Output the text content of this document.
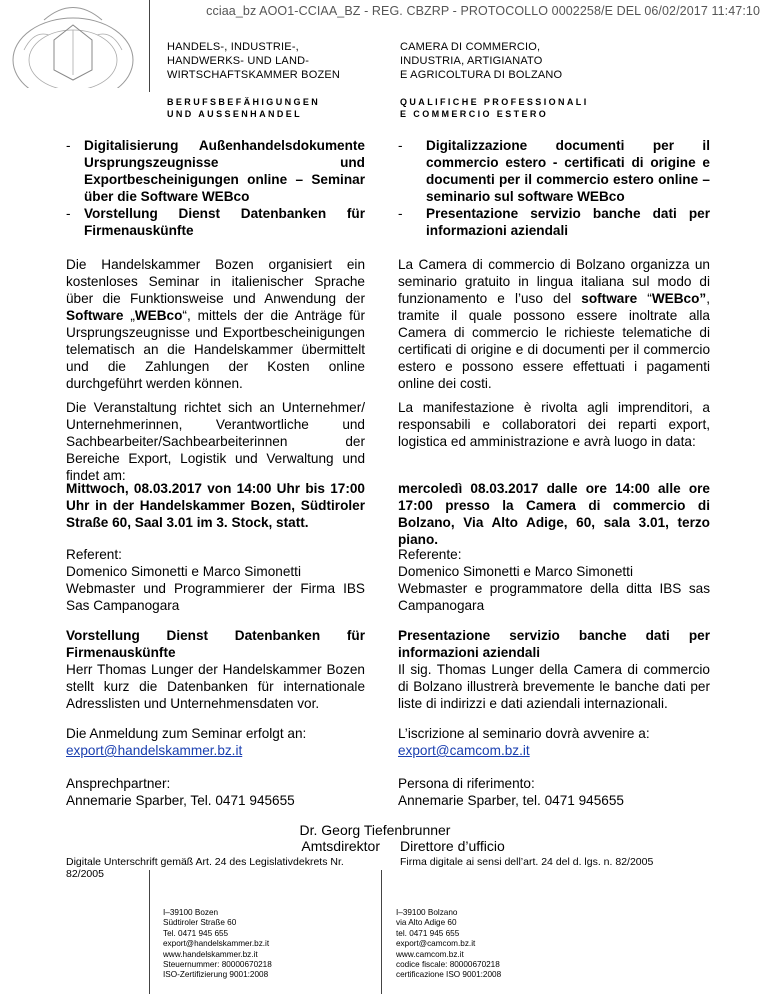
cciaa_bz AOO1-CCIAA_BZ - REG. CBZRP - PROTOCOLLO 0002258/E DEL 06/02/2017 11:47:10
HANDELS-, INDUSTRIE-,
HANDWERKS- UND LAND-
WIRTSCHAFTSKAMMER BOZEN
CAMERA DI COMMERCIO,
INDUSTRIA, ARTIGIANATO
E AGRICOLTURA DI BOLZANO
BERUFSBEFÄHIGUNGEN
UND AUSSENHANDEL
QUALIFICHE PROFESSIONALI
E COMMERCIO ESTERO
- Digitalisierung Außenhandelsdokumente Ursprungszeugnisse und Exportbescheinigungen online – Seminar über die Software WEBco
- Vorstellung Dienst Datenbanken für Firmenauskünfte
- Digitalizzazione documenti per il commercio estero - certificati di origine e documenti per il commercio estero online – seminario sul software WEBco
- Presentazione servizio banche dati per informazioni aziendali
Die Handelskammer Bozen organisiert ein kostenloses Seminar in italienischer Sprache über die Funktionsweise und Anwendung der Software „WEBco“, mittels der die Anträge für Ursprungszeugnisse und Exportbescheinigungen telematisch an die Handelskammer übermittelt und die Zahlungen der Kosten online durchgeführt werden können.
La Camera di commercio di Bolzano organizza un seminario gratuito in lingua italiana sul modo di funzionamento e l’uso del software “WEBco”, tramite il quale possono essere inoltrate alla Camera di commercio le richieste telematiche di certificati di origine e di documenti per il commercio estero e possono essere effettuati i pagamenti online dei costi.
Die Veranstaltung richtet sich an Unternehmer/ Unternehmerinnen, Verantwortliche und Sachbearbeiter/Sachbearbeiterinnen der Bereiche Export, Logistik und Verwaltung und findet am:
La manifestazione è rivolta agli imprenditori, a responsabili e collaboratori dei reparti export, logistica ed amministrazione e avrà luogo in data:
Mittwoch, 08.03.2017 von 14:00 Uhr bis 17:00 Uhr in der Handelskammer Bozen, Südtiroler Straße 60, Saal 3.01 im 3. Stock, statt.
mercoledì 08.03.2017 dalle ore 14:00 alle ore 17:00 presso la Camera di commercio di Bolzano, Via Alto Adige, 60, sala 3.01, terzo piano.
Referent:
Domenico Simonetti e Marco Simonetti
Webmaster und Programmierer der Firma IBS Sas Campanogara
Referente:
Domenico Simonetti e Marco Simonetti
Webmaster e programmatore della ditta IBS sas Campanogara
Vorstellung Dienst Datenbanken für Firmenauskünfte
Herr Thomas Lunger der Handelskammer Bozen stellt kurz die Datenbanken für internationale Adresslisten und Unternehmensdaten vor.
Presentazione servizio banche dati per informazioni aziendali
Il sig. Thomas Lunger della Camera di commercio di Bolzano illustrerà brevemente le banche dati per liste di indirizzi e dati aziendali internazionali.
Die Anmeldung zum Seminar erfolgt an:
export@handelskammer.bz.it
L’iscrizione al seminario dovrà avvenire a:
export@camcom.bz.it
Ansprechpartner:
Annemarie Sparber, Tel. 0471 945655
Persona di riferimento:
Annemarie Sparber, tel. 0471 945655
Dr. Georg Tiefenbrunner
Amtsdirektor Direttore d’ufficio
Digitale Unterschrift gemäß Art. 24 des Legislativdekrets Nr. 82/2005
Firma digitale ai sensi dell’art. 24 del d. lgs. n. 82/2005
I–39100 Bozen
Südtiroler Straße 60
Tel. 0471 945 655
export@handelskammer.bz.it
www.handelskammer.bz.it
Steuernummer: 80000670218
ISO-Zertifizierung 9001:2008
I–39100 Bolzano
via Alto Adige 60
tel. 0471 945 655
export@camcom.bz.it
www.camcom.bz.it
codice fiscale: 80000670218
certificazione ISO 9001:2008
